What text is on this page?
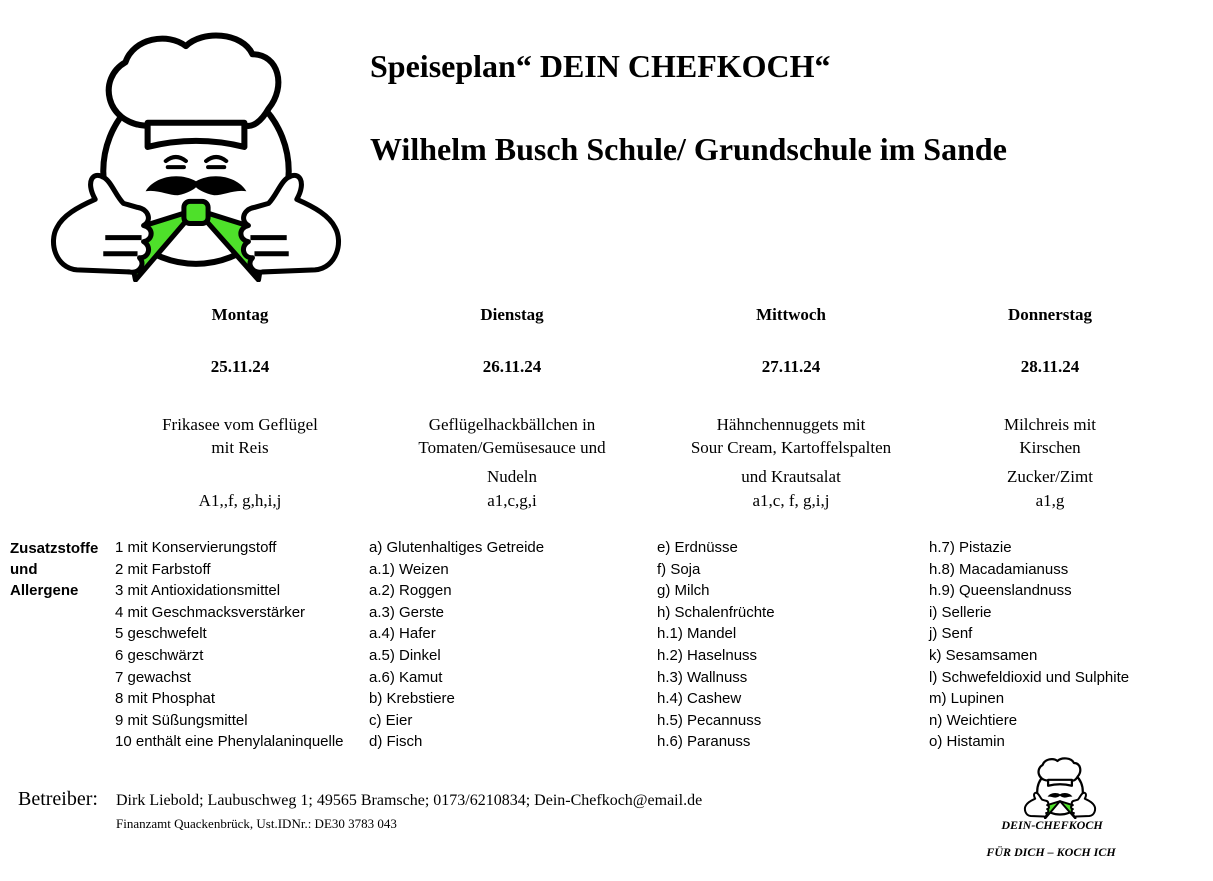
Speiseplan“ DEIN CHEFKOCH“
Wilhelm Busch Schule/ Grundschule im Sande
Montag
25.11.24
Frikasee vom Geflügel
mit Reis
A1,,f, g,h,i,j
Dienstag
26.11.24
Geflügelhackbällchen in
Tomaten/Gemüsesauce und
Nudeln
a1,c,g,i
Mittwoch
27.11.24
Hähnchennuggets mit
Sour Cream, Kartoffelspalten
und Krautsalat
a1,c, f, g,i,j
Donnerstag
28.11.24
Milchreis mit
Kirschen
Zucker/Zimt
a1,g
Zusatzstoffe
und
Allergene
1 mit Konservierungstoff
2 mit Farbstoff
3 mit Antioxidationsmittel
4 mit Geschmacksverstärker
5 geschwefelt
6 geschwärzt
7 gewachst
8 mit Phosphat
9 mit Süßungsmittel
10 enthält eine Phenylalaninquelle
a) Glutenhaltiges Getreide
a.1) Weizen
a.2) Roggen
a.3) Gerste
a.4) Hafer
a.5) Dinkel
a.6) Kamut
b) Krebstiere
c) Eier
d) Fisch
e) Erdnüsse
f) Soja
g) Milch
h) Schalenfrüchte
h.1) Mandel
h.2) Haselnuss
h.3) Wallnuss
h.4) Cashew
h.5) Pecannuss
h.6) Paranuss
h.7) Pistazie
h.8) Macadamianuss
h.9) Queenslandnuss
i) Sellerie
j) Senf
k) Sesamsamen
l) Schwefeldioxid und Sulphite
m) Lupinen
n) Weichtiere
o) Histamin
Betreiber: Dirk Liebold; Laubuschweg 1; 49565 Bramsche; 0173/6210834; Dein-Chefkoch@email.de
Finanzamt Quackenbrück, Ust.IDNr.: DE30 3783 043	DEIN-CHEFKOCH
FÜR DICH – KOCH ICH
